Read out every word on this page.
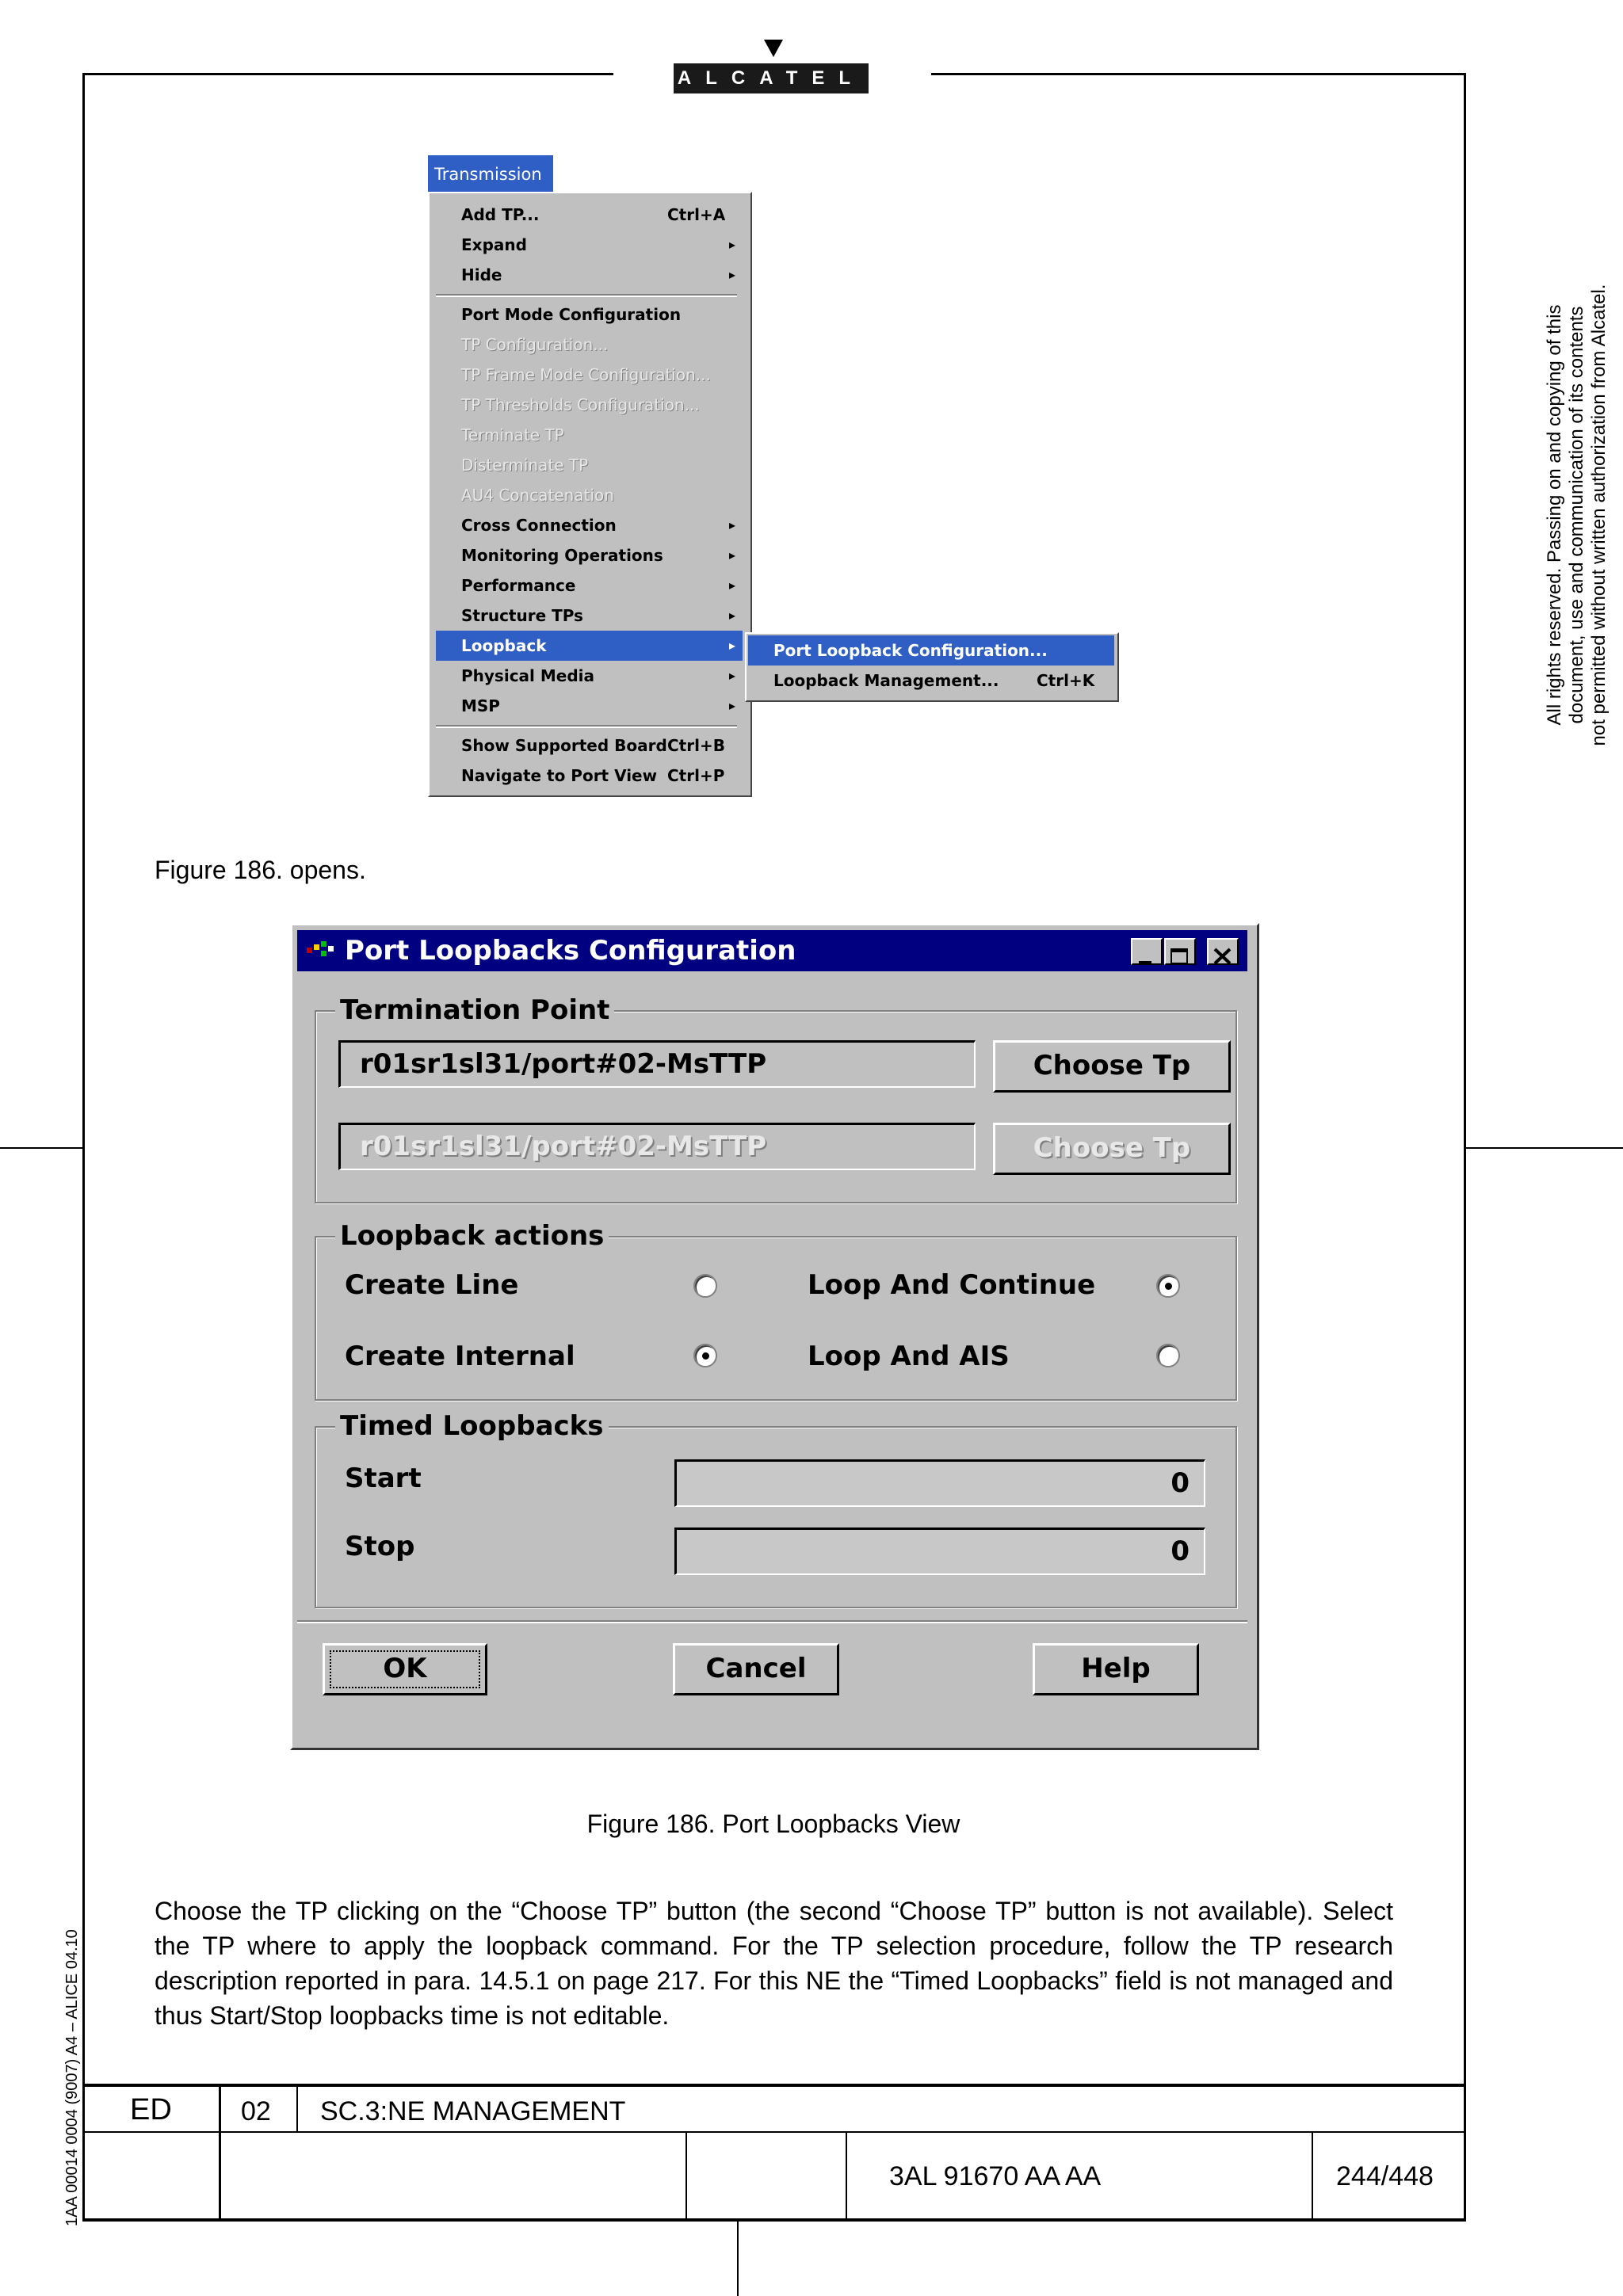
ALCATEL
All rights reserved. Passing on and copying of this document, use and communication of its contents not permitted without written authorization from Alcatel.
1AA 00014 0004 (9007) A4 – ALICE 04.10
Transmission
Add TP...	Ctrl+A
Expand	▸
Hide	▸
Port Mode Configuration
TP Configuration...
TP Frame Mode Configuration...
TP Thresholds Configuration...
Terminate TP
Disterminate TP
AU4 Concatenation
Cross Connection	▸
Monitoring Operations	▸
Performance	▸
Structure TPs	▸
Loopback	▸
Physical Media	▸
MSP	▸
Show Supported Board Ctrl+B
Navigate to Port View Ctrl+P
Port Loopback Configuration...
Loopback Management... Ctrl+K
Figure 186. opens.
Port Loopbacks Configuration
Termination Point
r01sr1sl31/port#02-MsTTP	Choose Tp
r01sr1sl31/port#02-MsTTP	Choose Tp
Loopback actions
Create Line	Loop And Continue
Create Internal	Loop And AIS
Timed Loopbacks
Start	0
Stop	0
OK	Cancel	Help
Figure 186. Port Loopbacks View
Choose the TP clicking on the “Choose TP” button (the second “Choose TP” button is not available). Select the TP where to apply the loopback command. For the TP selection procedure, follow the TP research description reported in para. 14.5.1 on page 217. For this NE the “Timed Loopbacks” field is not managed and thus Start/Stop loopbacks time is not editable.
ED	02 SC.3:NE MANAGEMENT
3AL 91670 AA AA	244/448
